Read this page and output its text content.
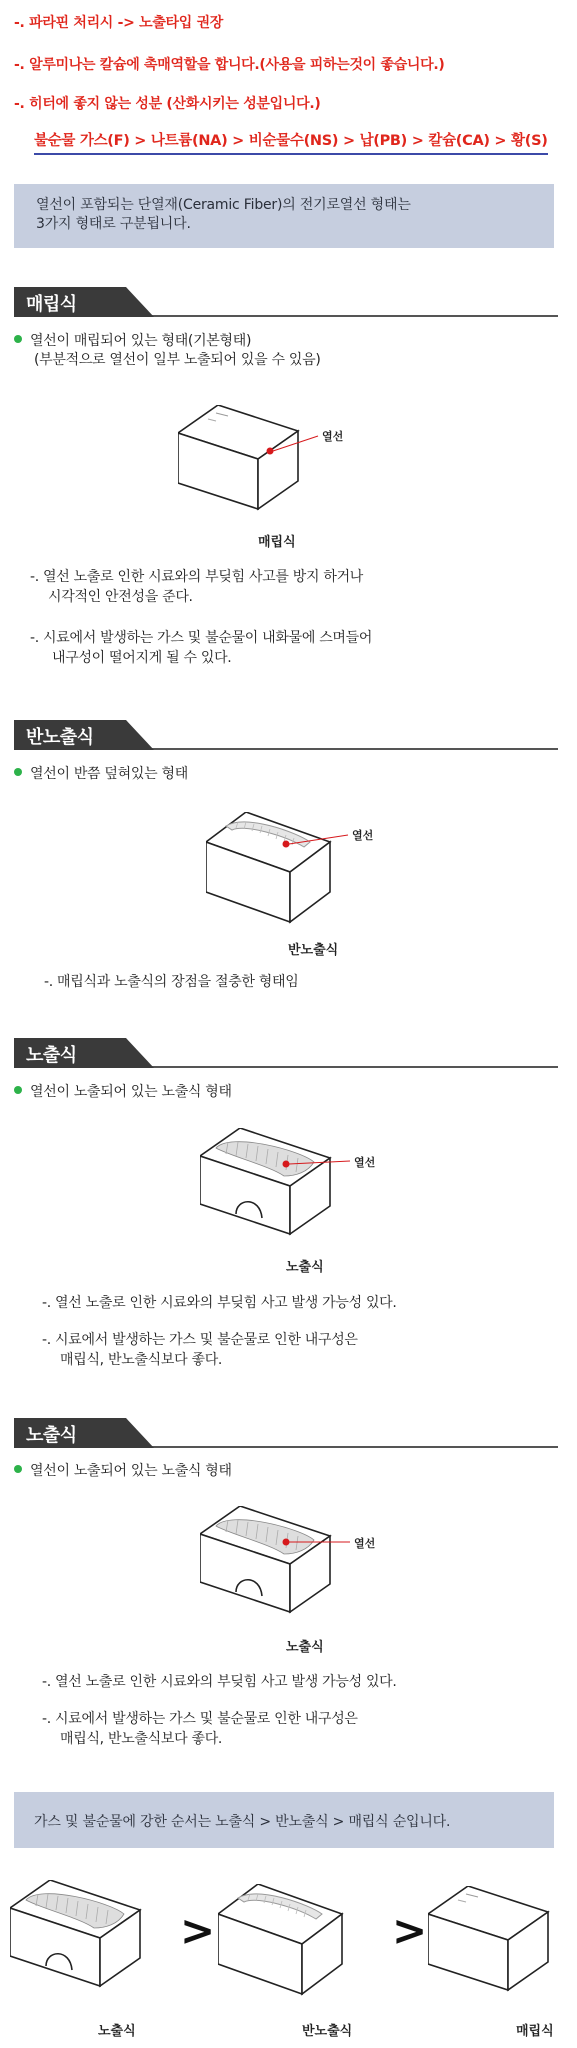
-. 파라핀 처리시 -> 노출타입 권장
-. 알루미나는 칼슘에 촉매역할을 합니다.(사용을 피하는것이 좋습니다.)
-. 히터에 좋지 않는 성분 (산화시키는 성분입니다.)
불순물 가스(F) > 나트륨(NA) > 비순물수(NS) > 납(PB) > 칼슘(CA) > 황(S)
열선이 포함되는 단열재(Ceramic Fiber)의 전기로열선 형태는
3가지 형태로 구분됩니다.
매립식
열선이 매립되어 있는 형태(기본형태)
(부분적으로 열선이 일부 노출되어 있을 수 있음)
열선
매립식
-. 열선 노출로 인한 시료와의 부딪힘 사고를 방지 하거나
시각적인 안전성을 준다.
-. 시료에서 발생하는 가스 및 불순물이 내화물에 스며들어
내구성이 떨어지게 될 수 있다.
반노출식
열선이 반쯤 덮혀있는 형태
열선
반노출식
-. 매립식과 노출식의 장점을 절충한 형태임
노출식
열선이 노출되어 있는 노출식 형태
열선
노출식
-. 열선 노출로 인한 시료와의 부딪힘 사고 발생 가능성 있다.
-. 시료에서 발생하는 가스 및 불순물로 인한 내구성은
매립식, 반노출식보다 좋다.
노출식
열선이 노출되어 있는 노출식 형태
열선
노출식
-. 열선 노출로 인한 시료와의 부딪힘 사고 발생 가능성 있다.
-. 시료에서 발생하는 가스 및 불순물로 인한 내구성은
매립식, 반노출식보다 좋다.
가스 및 불순물에 강한 순서는 노출식 > 반노출식 > 매립식 순입니다.
>	>
노출식	반노출식	매립식
